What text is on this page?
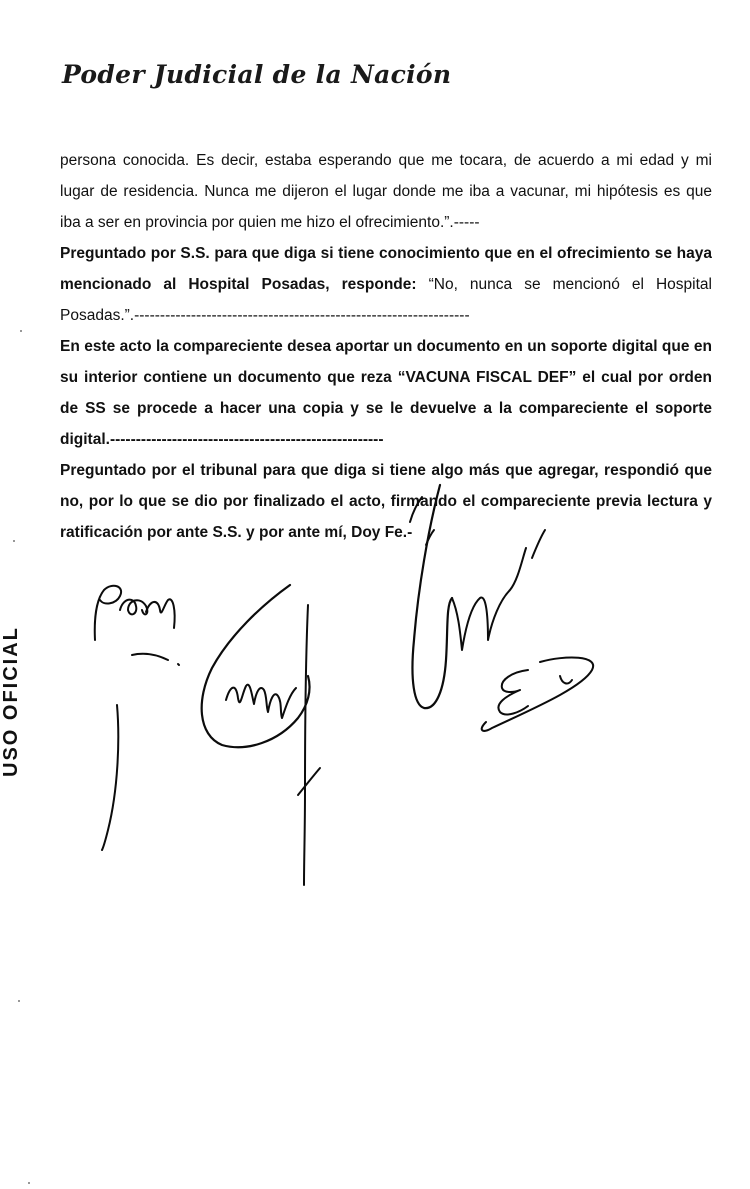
Poder Judicial de la Nación
USO OFICIAL

persona conocida. Es decir, estaba esperando que me tocara, de acuerdo a mi edad y mi lugar de residencia. Nunca me dijeron el lugar donde me iba a vacunar, mi hipótesis es que iba a ser en provincia por quien me hizo el ofrecimiento.”.-----

Preguntado por S.S. para que diga si tiene conocimiento que en el ofrecimiento se haya mencionado al Hospital Posadas, responde: “No, nunca se mencionó el Hospital Posadas.”.-----------------------------------------------------------------

En este acto la compareciente desea aportar un documento en un soporte digital que en su interior contiene un documento que reza “VACUNA FISCAL DEF” el cual por orden de SS se procede a hacer una copia y se le devuelve a la compareciente el soporte digital.-----------------------------------------------------

Preguntado por el tribunal para que diga si tiene algo más que agregar, respondió que no, por lo que se dio por finalizado el acto, firmando el compareciente previa lectura y ratificación por ante S.S. y por ante mí, Doy Fe.-
